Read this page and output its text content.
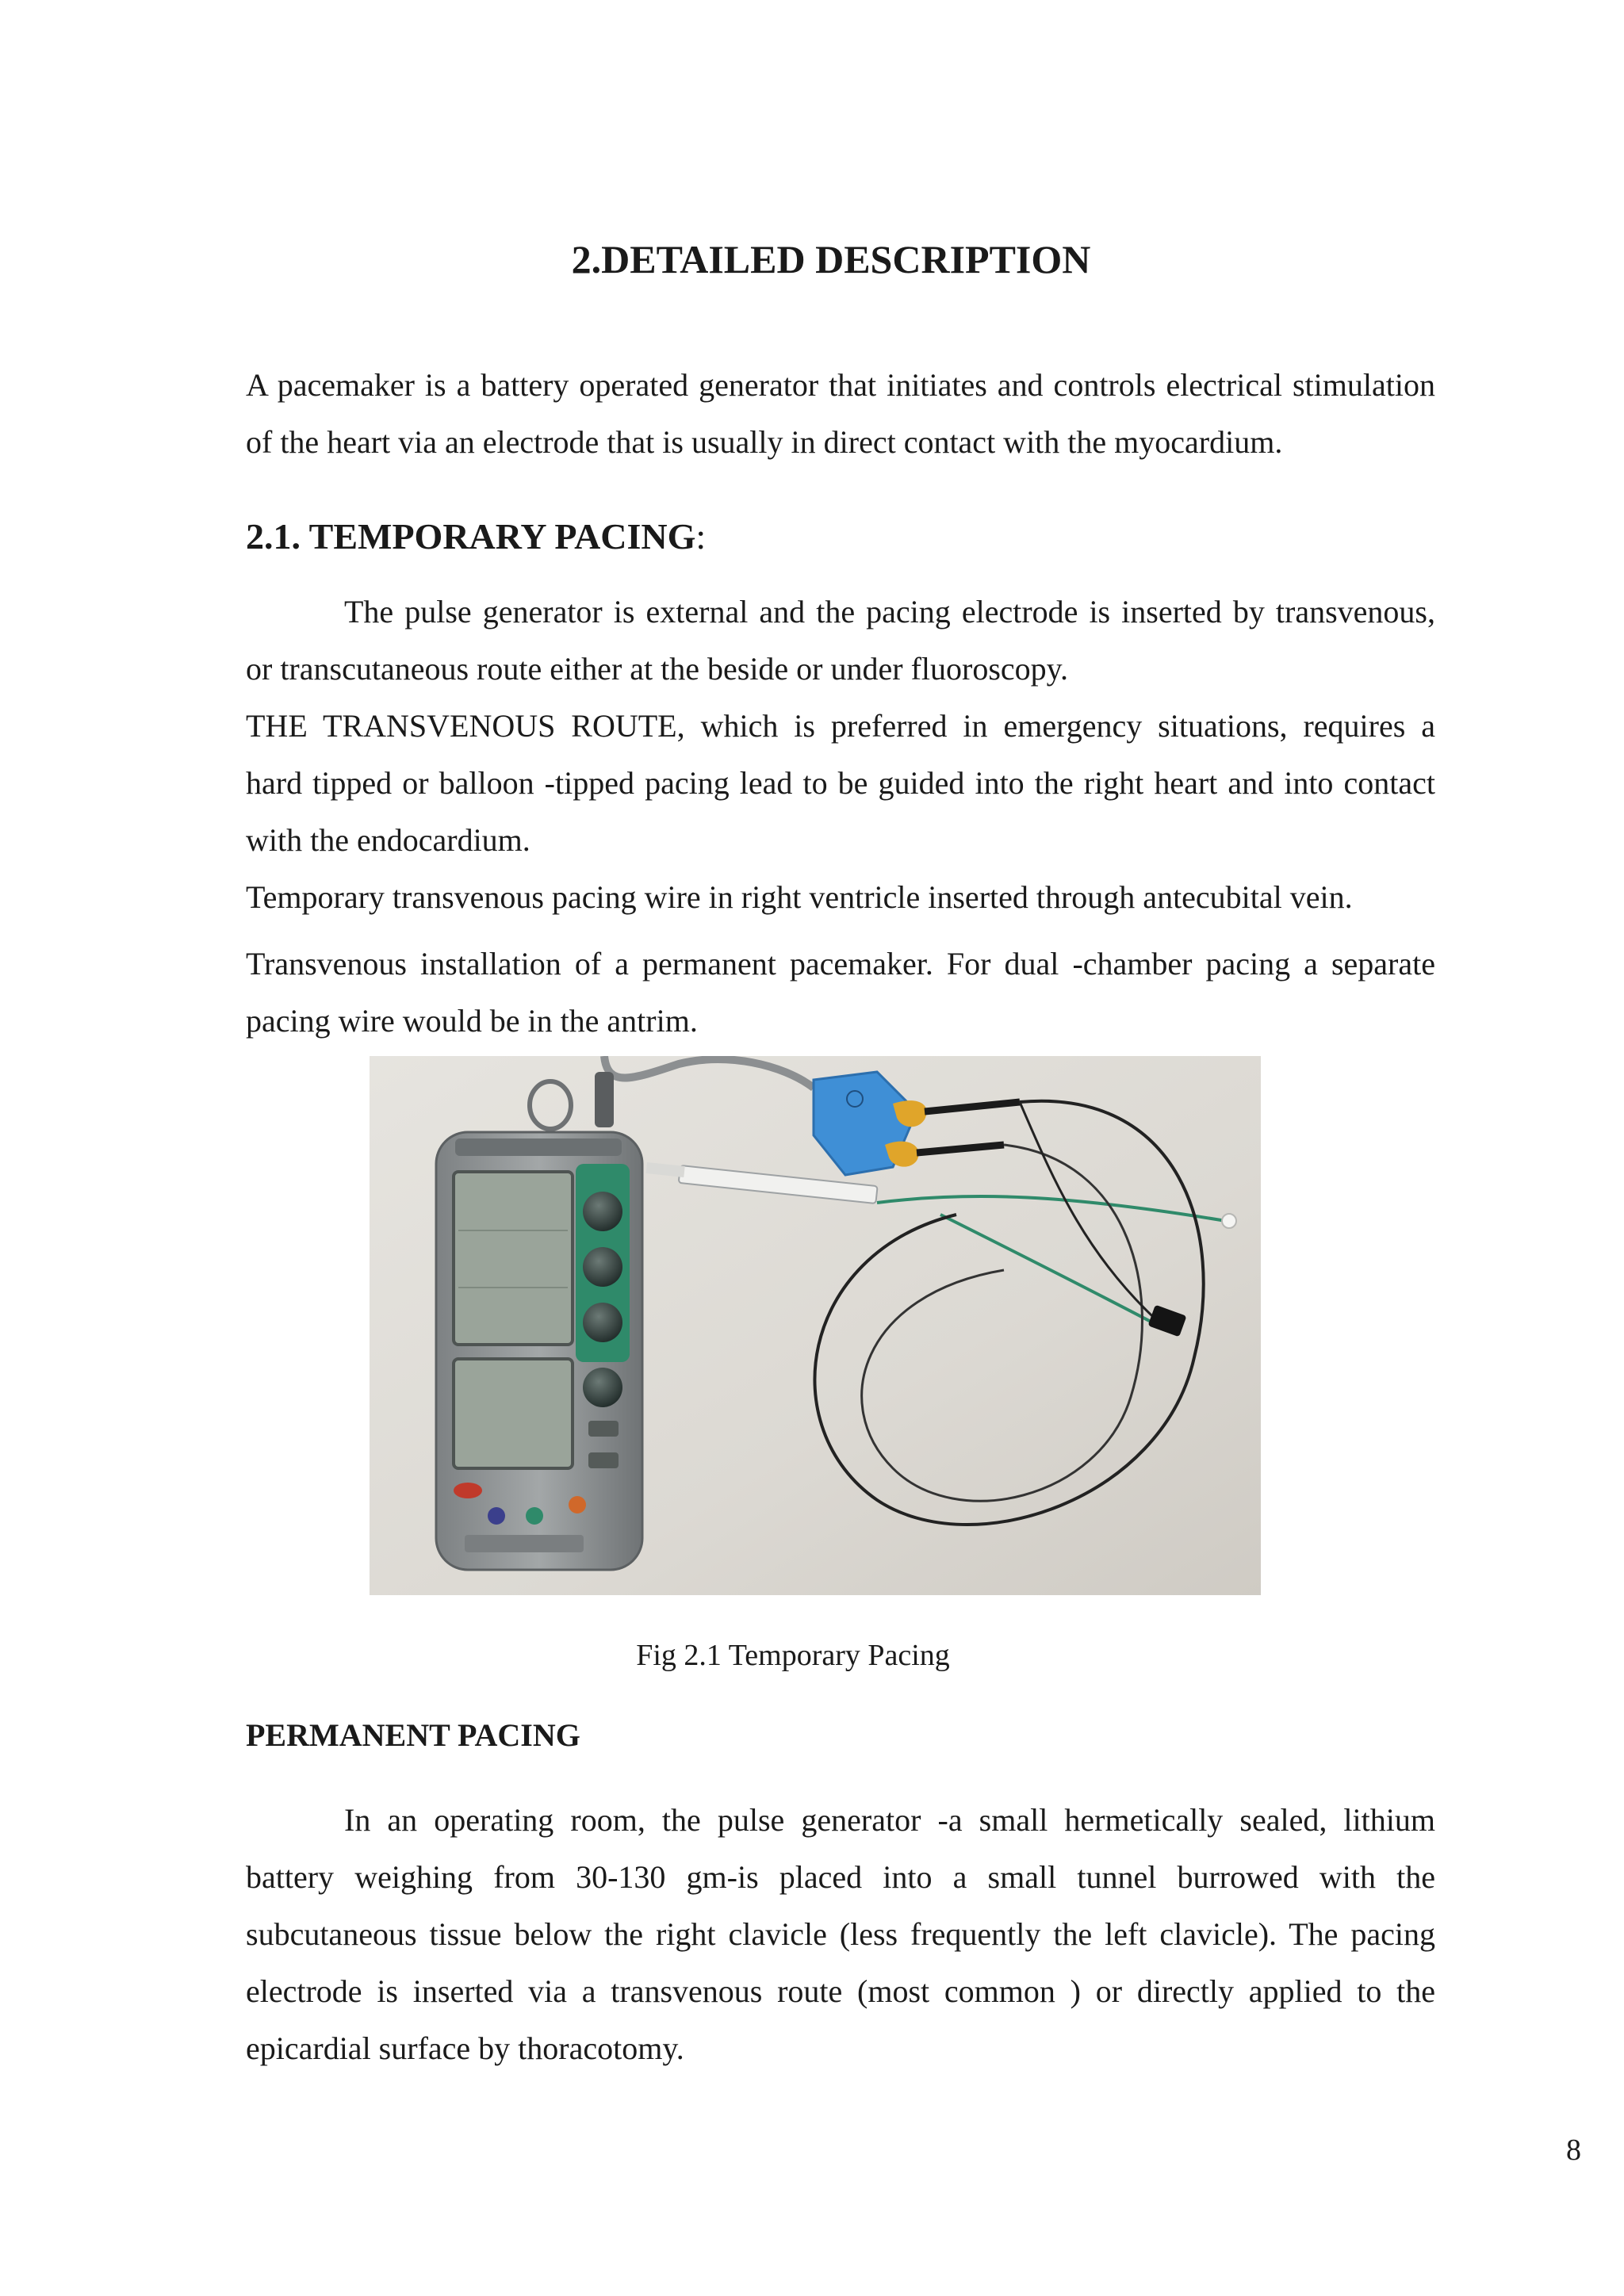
2.DETAILED DESCRIPTION
A pacemaker is a battery operated generator that initiates and controls electrical stimulation
of the heart via an electrode that is usually in direct contact with the myocardium.
2.1. TEMPORARY PACING:
The pulse generator is external and the pacing electrode is inserted by transvenous,
or transcutaneous route either at the beside or under fluoroscopy.
THE TRANSVENOUS ROUTE, which is preferred in emergency situations, requires a
hard tipped or balloon -tipped pacing lead to be guided into the right heart and into contact
with the endocardium.
Temporary transvenous pacing wire in right ventricle inserted through antecubital vein.
Transvenous installation of a permanent pacemaker. For dual -chamber pacing a separate
pacing wire would be in the antrim.
Fig 2.1 Temporary Pacing
PERMANENT PACING
In an operating room, the pulse generator -a small hermetically sealed, lithium
battery weighing from 30-130 gm-is placed into a small tunnel burrowed with the
subcutaneous tissue below the right clavicle (less frequently the left clavicle). The pacing
electrode is inserted via a transvenous route (most common ) or directly applied to the
epicardial surface by thoracotomy.
8
